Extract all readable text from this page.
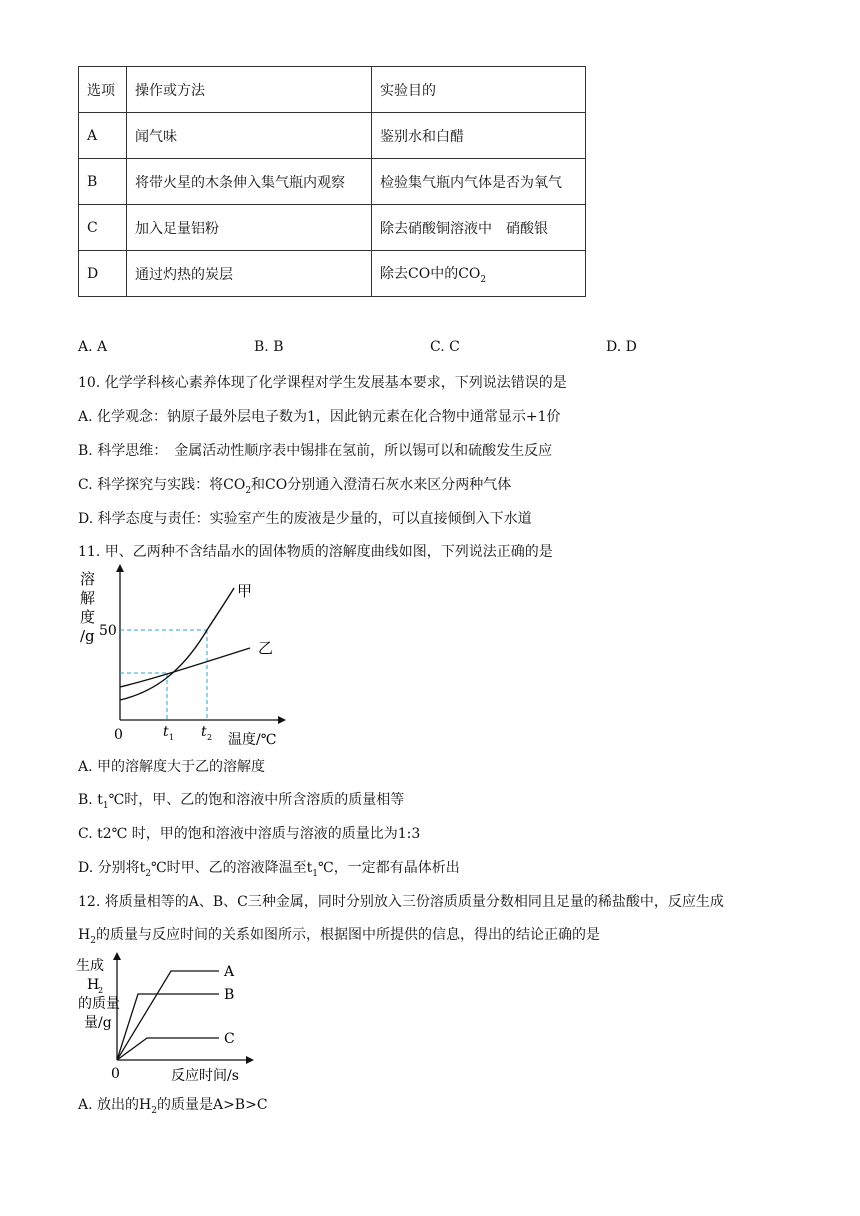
选项	操作或方法	实验目的
A	闻气味	鉴别水和白醋
B	将带火星的木条伸入集气瓶内观察	检验集气瓶内气体是否为氧气
C	加入足量铝粉	除去硝酸铜溶液中　硝酸银
D	通过灼热的炭层	除去CO中的$CO_2$
A. A	B. B	C. C	D. D
10. 化学学科核心素养体现了化学课程对学生发展基本要求，下列说法错误的是
A. 化学观念：钠原子最外层电子数为1，因此钠元素在化合物中通常显示+1价
B. 科学思维：　金属活动性顺序表中锡排在氢前，所以锡可以和硫酸发生反应
C. 科学探究与实践：将$CO_2$和CO分别通入澄清石灰水来区分两种气体
D. 科学态度与责任：实验室产生的废液是少量的，可以直接倾倒入下水道
11. 甲、乙两种不含结晶水的固体物质的溶解度曲线如图，下列说法正确的是
溶
解
度
/g
甲
乙
50
0	t 1 t 2 温度/℃
A. 甲的溶解度大于乙的溶解度
B. $t_1℃$时，甲、乙的饱和溶液中所含溶质的质量相等
C. t2℃ 时，甲的饱和溶液中溶质与溶液的质量比为1:3
D. 分别将$t_2℃$时甲、乙的溶液降温至$t_1℃$，一定都有晶体析出
12. 将质量相等的A、B、C三种金属，同时分别放入三份溶质质量分数相同且足量的稀盐酸中，反应生成
$H_2$的质量与反应时间的关系如图所示，根据图中所提供的信息，得出的结论正确的是
生成
H
2
的质量
量/g
A
B
C
0	反应时间/s
A. 放出的$H_2$的质量是A>B>C
